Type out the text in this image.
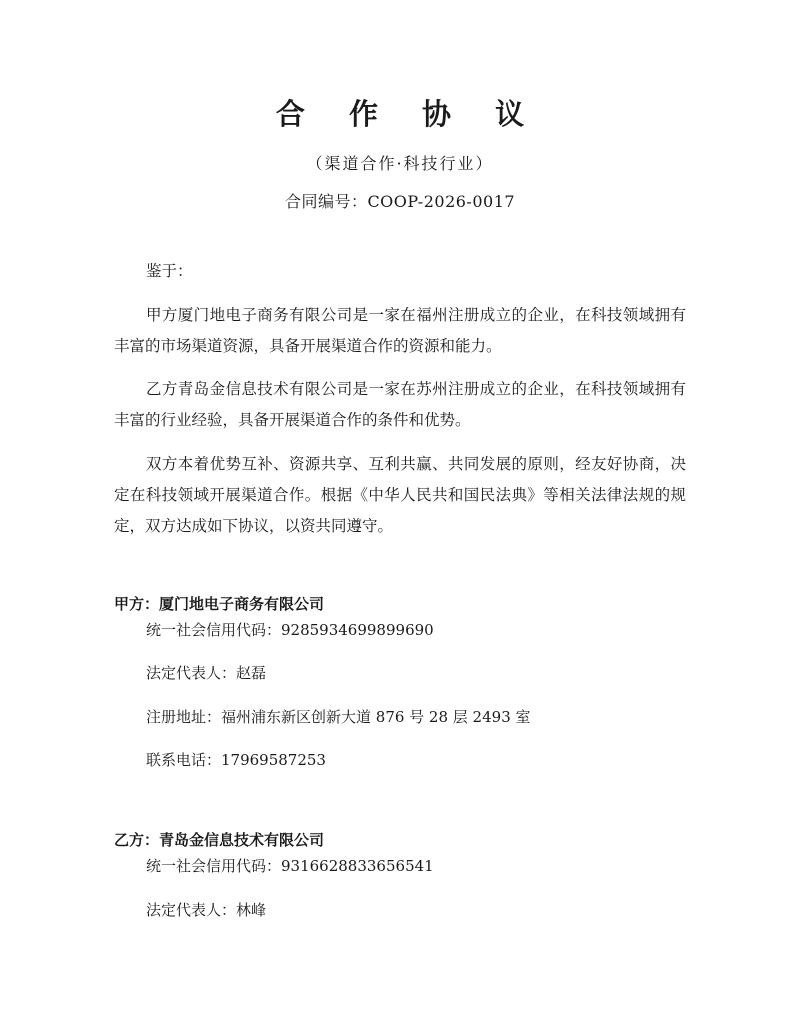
合 作 协 议
（渠道合作·科技行业）
合同编号：COOP-2026-0017

鉴于：

甲方厦门地电子商务有限公司是一家在福州注册成立的企业，在科技领域拥有丰富的市场渠道资源，具备开展渠道合作的资源和能力。

乙方青岛金信息技术有限公司是一家在苏州注册成立的企业，在科技领域拥有丰富的行业经验，具备开展渠道合作的条件和优势。

双方本着优势互补、资源共享、互利共赢、共同发展的原则，经友好协商，决定在科技领域开展渠道合作。根据《中华人民共和国民法典》等相关法律法规的规定，双方达成如下协议，以资共同遵守。

甲方：厦门地电子商务有限公司
统一社会信用代码：9285934699899690
法定代表人：赵磊
注册地址：福州浦东新区创新大道 876 号 28 层 2493 室
联系电话：17969587253
乙方：青岛金信息技术有限公司
统一社会信用代码：9316628833656541
法定代表人：林峰
